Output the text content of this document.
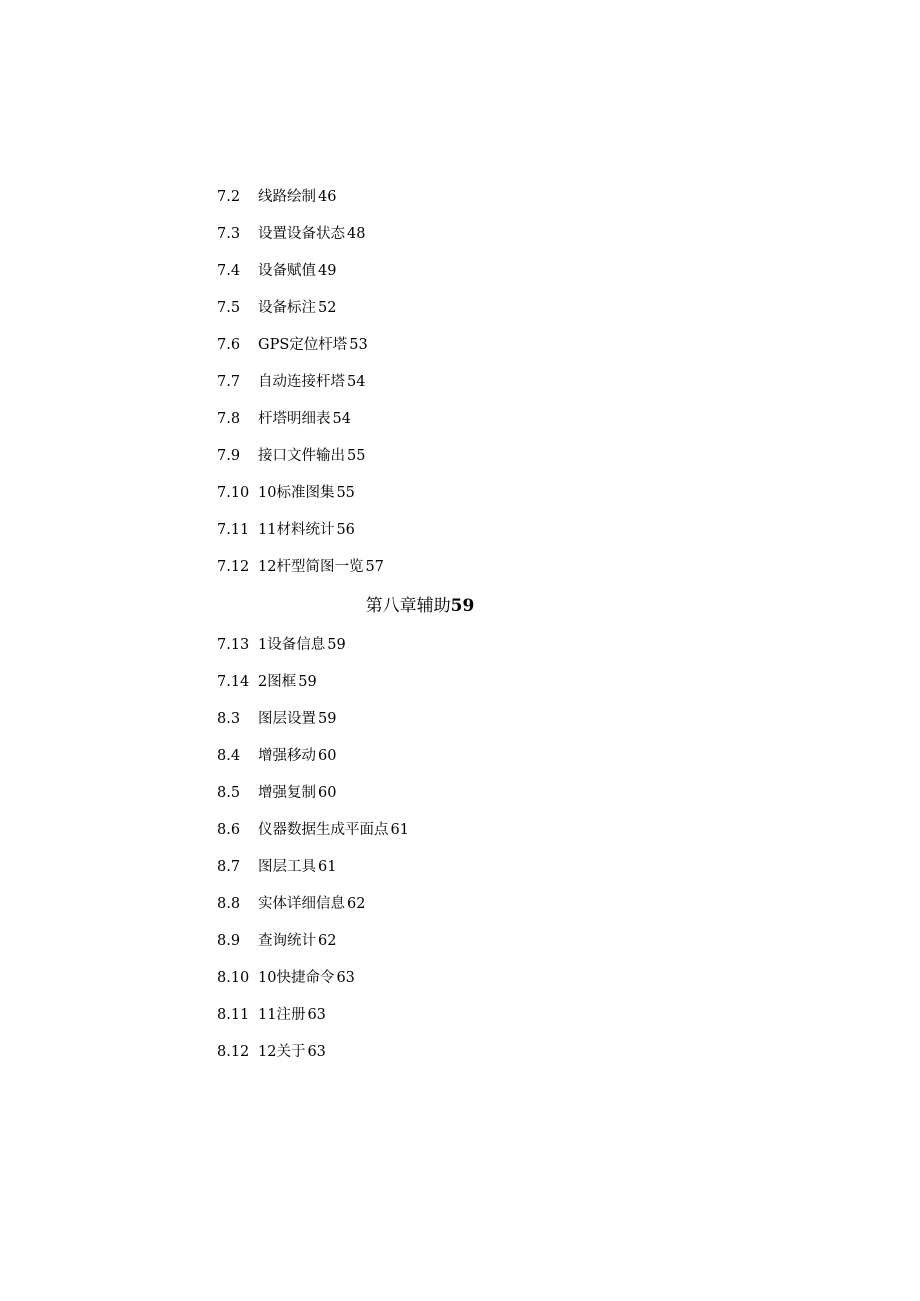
7.2	线路绘制 46
7.3	设置设备状态 48
7.4	设备赋值 49
7.5	设备标注 52
7.6	GPS定位杆塔 53
7.7	自动连接杆塔 54
7.8	杆塔明细表 54
7.9	接口文件输出 55
7.10 10标准图集 55
7.11 11材料统计 56
7.12 12杆型简图一览 57
第八章辅助59
7.13 1设备信息 59
7.14 2图框 59
8.3	图层设置 59
8.4	增强移动 60
8.5	增强复制 60
8.6	仪器数据生成平面点 61
8.7	图层工具 61
8.8	实体详细信息 62
8.9	查询统计 62
8.10 10快捷命令 63
8.11 11注册 63
8.12 12关于 63
